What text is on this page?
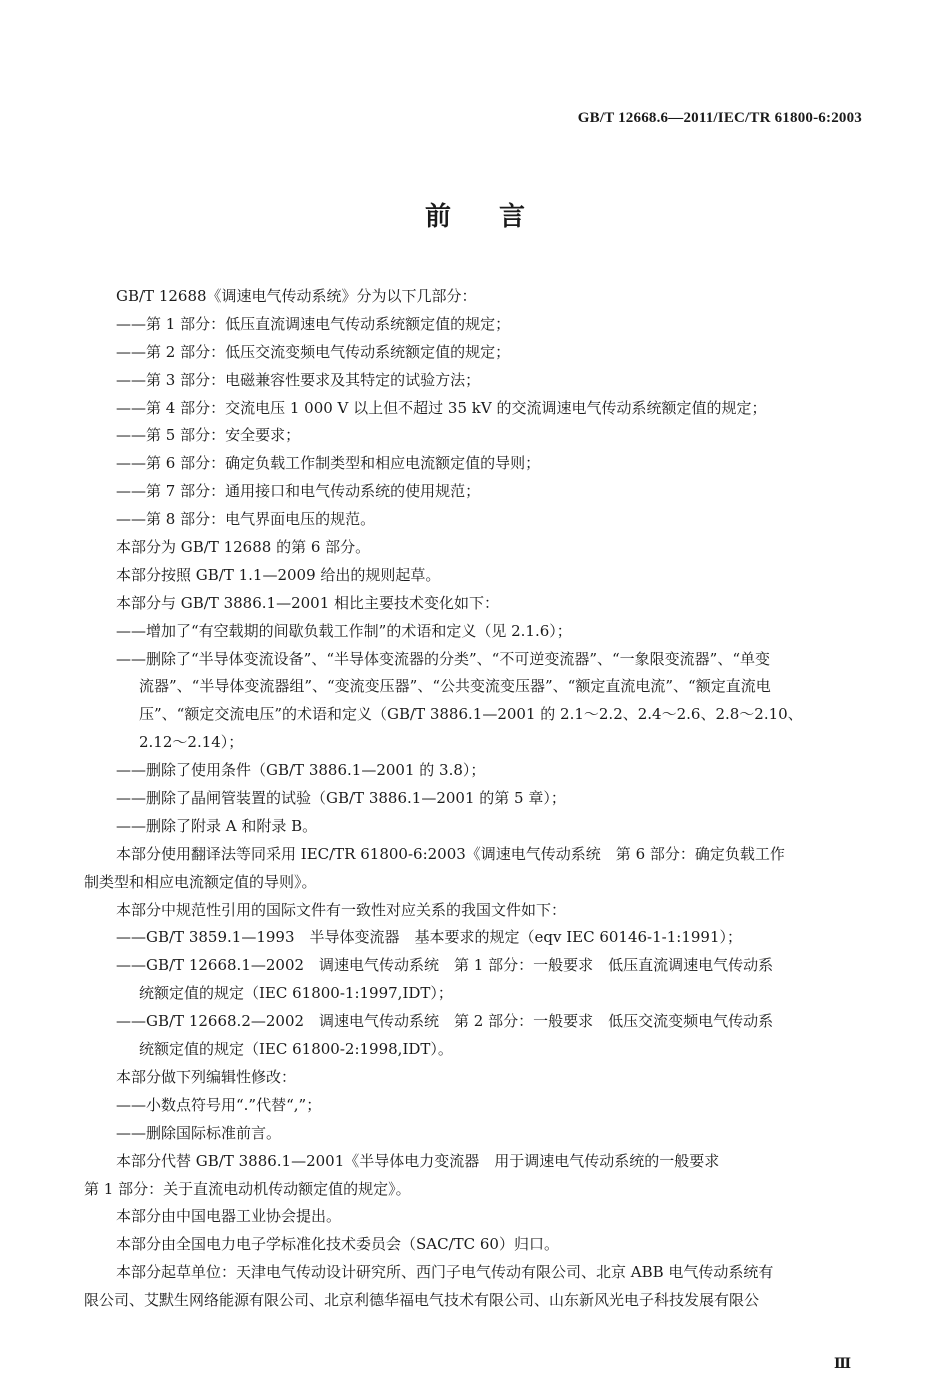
GB/T 12668.6—2011/IEC/TR 61800-6:2003
前言
GB/T 12688《调速电气传动系统》分为以下几部分：
——第 1 部分：低压直流调速电气传动系统额定值的规定；
——第 2 部分：低压交流变频电气传动系统额定值的规定；
——第 3 部分：电磁兼容性要求及其特定的试验方法；
——第 4 部分：交流电压 1 000 V 以上但不超过 35 kV 的交流调速电气传动系统额定值的规定；
——第 5 部分：安全要求；
——第 6 部分：确定负载工作制类型和相应电流额定值的导则；
——第 7 部分：通用接口和电气传动系统的使用规范；
——第 8 部分：电气界面电压的规范。
本部分为 GB/T 12688 的第 6 部分。
本部分按照 GB/T 1.1—2009 给出的规则起草。
本部分与 GB/T 3886.1—2001 相比主要技术变化如下：
——增加了“有空载期的间歇负载工作制”的术语和定义（见 2.1.6）；
——删除了“半导体变流设备”、“半导体变流器的分类”、“不可逆变流器”、“一象限变流器”、“单变
流器”、“半导体变流器组”、“变流变压器”、“公共变流变压器”、“额定直流电流”、“额定直流电
压”、“额定交流电压”的术语和定义（GB/T 3886.1—2001 的 2.1～2.2、2.4～2.6、2.8～2.10、
2.12～2.14）；
——删除了使用条件（GB/T 3886.1—2001 的 3.8）；
——删除了晶闸管装置的试验（GB/T 3886.1—2001 的第 5 章）；
——删除了附录 A 和附录 B。
本部分使用翻译法等同采用 IEC/TR 61800-6:2003《调速电气传动系统　第 6 部分：确定负载工作
制类型和相应电流额定值的导则》。
本部分中规范性引用的国际文件有一致性对应关系的我国文件如下：
——GB/T 3859.1—1993　半导体变流器　基本要求的规定（eqv IEC 60146-1-1:1991）；
——GB/T 12668.1—2002　调速电气传动系统　第 1 部分：一般要求　低压直流调速电气传动系
统额定值的规定（IEC 61800-1:1997,IDT）；
——GB/T 12668.2—2002　调速电气传动系统　第 2 部分：一般要求　低压交流变频电气传动系
统额定值的规定（IEC 61800-2:1998,IDT）。
本部分做下列编辑性修改：
——小数点符号用“.”代替“,”；
——删除国际标准前言。
本部分代替 GB/T 3886.1—2001《半导体电力变流器　用于调速电气传动系统的一般要求
第 1 部分：关于直流电动机传动额定值的规定》。
本部分由中国电器工业协会提出。
本部分由全国电力电子学标准化技术委员会（SAC/TC 60）归口。
本部分起草单位：天津电气传动设计研究所、西门子电气传动有限公司、北京 ABB 电气传动系统有
限公司、艾默生网络能源有限公司、北京利德华福电气技术有限公司、山东新风光电子科技发展有限公
Ⅲ
